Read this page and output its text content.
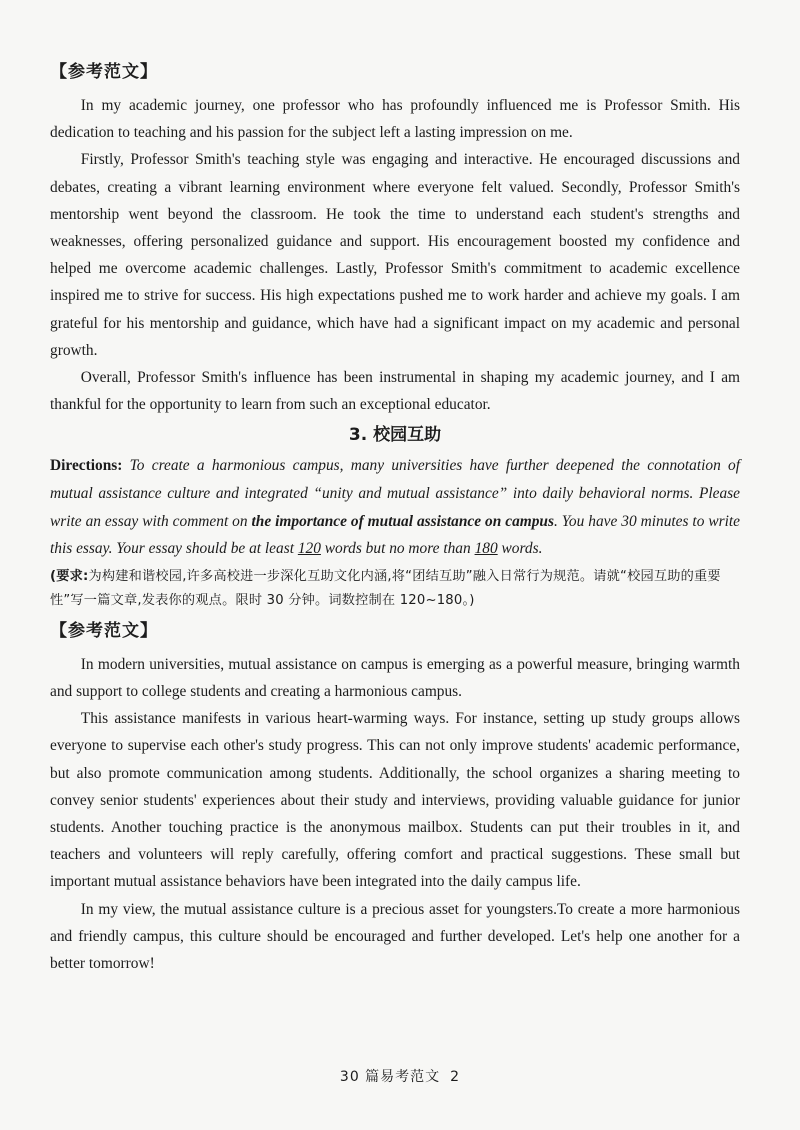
【参考范文】

In my academic journey, one professor who has profoundly influenced me is Professor Smith. His dedication to teaching and his passion for the subject left a lasting impression on me.

Firstly, Professor Smith's teaching style was engaging and interactive. He encouraged discussions and debates, creating a vibrant learning environment where everyone felt valued. Secondly, Professor Smith's mentorship went beyond the classroom. He took the time to understand each student's strengths and weaknesses, offering personalized guidance and support. His encouragement boosted my confidence and helped me overcome academic challenges. Lastly, Professor Smith's commitment to academic excellence inspired me to strive for success. His high expectations pushed me to work harder and achieve my goals. I am grateful for his mentorship and guidance, which have had a significant impact on my academic and personal growth.

Overall, Professor Smith's influence has been instrumental in shaping my academic journey, and I am thankful for the opportunity to learn from such an exceptional educator.

3. 校园互助

Directions: To create a harmonious campus, many universities have further deepened the connotation of mutual assistance culture and integrated “unity and mutual assistance” into daily behavioral norms. Please write an essay with comment on the importance of mutual assistance on campus. You have 30 minutes to write this essay. Your essay should be at least 120 words but no more than 180 words.

(要求:为构建和谐校园,许多高校进一步深化互助文化内涵,将“团结互助”融入日常行为规范。请就“校园互助的重要性”写一篇文章,发表你的观点。限时 30 分钟。词数控制在 120~180。)

【参考范文】

In modern universities, mutual assistance on campus is emerging as a powerful measure, bringing warmth and support to college students and creating a harmonious campus.

This assistance manifests in various heart-warming ways. For instance, setting up study groups allows everyone to supervise each other's study progress. This can not only improve students' academic performance, but also promote communication among students. Additionally, the school organizes a sharing meeting to convey senior students' experiences about their study and interviews, providing valuable guidance for junior students. Another touching practice is the anonymous mailbox. Students can put their troubles in it, and teachers and volunteers will reply carefully, offering comfort and practical suggestions. These small but important mutual assistance behaviors have been integrated into the daily campus life.

In my view, the mutual assistance culture is a precious asset for youngsters.To create a more harmonious and friendly campus, this culture should be encouraged and further developed. Let's help one another for a better tomorrow!

30 篇易考范文 2
